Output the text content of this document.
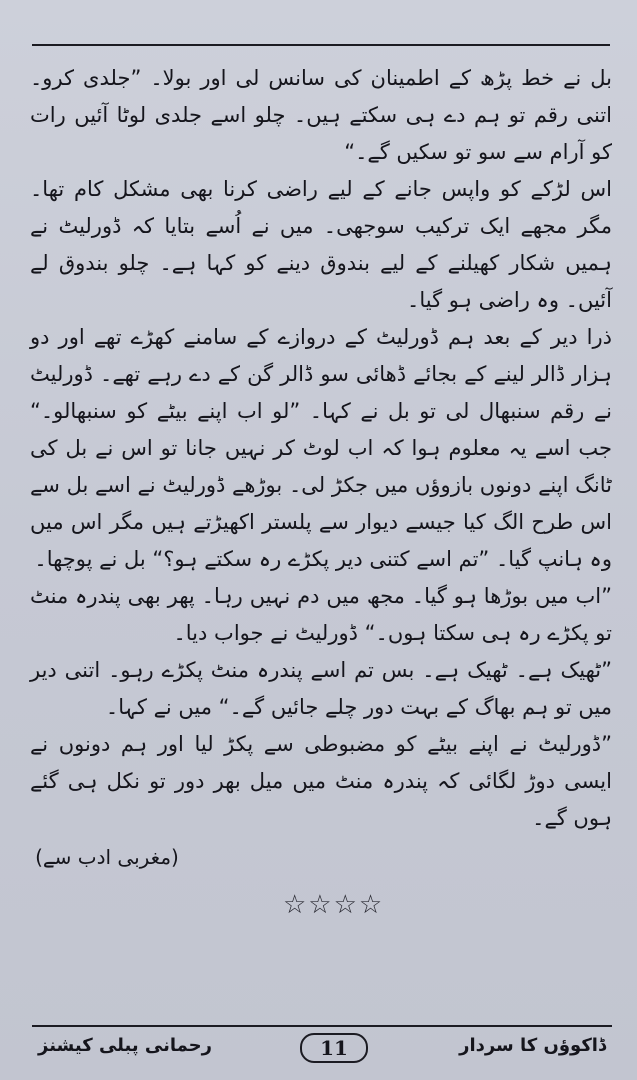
بل نے خط پڑھ کے اطمینان کی سانس لی اور بولا۔ ”جلدی کرو۔ اتنی رقم تو ہم دے ہی سکتے ہیں۔ چلو اسے جلدی لوٹا آئیں رات کو آرام سے سو تو سکیں گے۔“

اس لڑکے کو واپس جانے کے لیے راضی کرنا بھی مشکل کام تھا۔ مگر مجھے ایک ترکیب سوجھی۔ میں نے اُسے بتایا کہ ڈورلیٹ نے ہمیں شکار کھیلنے کے لیے بندوق دینے کو کہا ہے۔ چلو بندوق لے آئیں۔ وہ راضی ہو گیا۔

ذرا دیر کے بعد ہم ڈورلیٹ کے دروازے کے سامنے کھڑے تھے اور دو ہزار ڈالر لینے کے بجائے ڈھائی سو ڈالر گن کے دے رہے تھے۔ ڈورلیٹ نے رقم سنبھال لی تو بل نے کہا۔ ”لو اب اپنے بیٹے کو سنبھالو۔“ جب اسے یہ معلوم ہوا کہ اب لوٹ کر نہیں جانا تو اس نے بل کی ٹانگ اپنے دونوں بازوؤں میں جکڑ لی۔ بوڑھے ڈورلیٹ نے اسے بل سے اس طرح الگ کیا جیسے دیوار سے پلستر اکھیڑتے ہیں مگر اس میں وہ ہانپ گیا۔ ”تم اسے کتنی دیر پکڑے رہ سکتے ہو؟“ بل نے پوچھا۔

”اب میں بوڑھا ہو گیا۔ مجھ میں دم نہیں رہا۔ پھر بھی پندرہ منٹ تو پکڑے رہ ہی سکتا ہوں۔“ ڈورلیٹ نے جواب دیا۔

”ٹھیک ہے۔ ٹھیک ہے۔ بس تم اسے پندرہ منٹ پکڑے رہو۔ اتنی دیر میں تو ہم بھاگ کے بہت دور چلے جائیں گے۔“ میں نے کہا۔

”ڈورلیٹ نے اپنے بیٹے کو مضبوطی سے پکڑ لیا اور ہم دونوں نے ایسی دوڑ لگائی کہ پندرہ منٹ میں میل بھر دور تو نکل ہی گئے ہوں گے۔

(مغربی ادب سے)
☆☆☆☆
رحمانی پبلی کیشنز	11	ڈاکوؤں کا سردار
